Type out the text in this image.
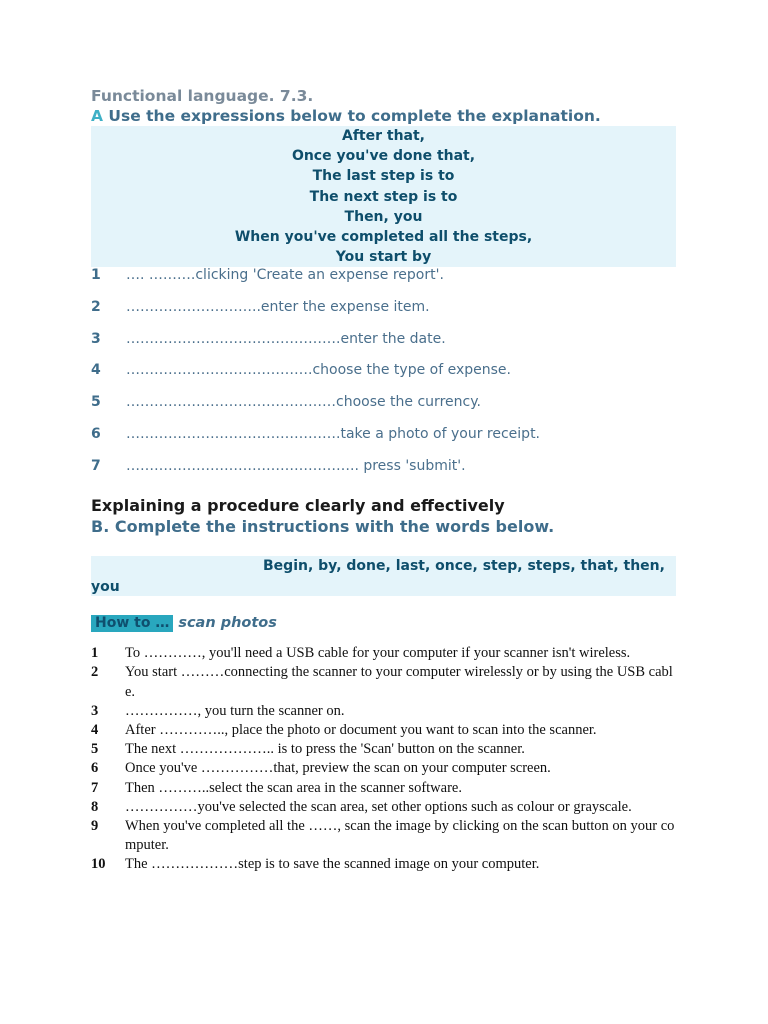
Functional language. 7.3.

A Use the expressions below to complete the explanation.

After that,
Once you've done that,
The last step is to
The next step is to
Then, you
When you've completed all the steps,
You start by
1	…. ……….clicking 'Create an expense report'.
2	………………………..enter the expense item.
3	……………………………………….enter the date.
4	………………………………….choose the type of expense.
5	………………………………………choose the currency.
6	……………………………………….take a photo of your receipt.
7	………………………………………….. press 'submit'.

Explaining a procedure clearly and effectively

B. Complete the instructions with the words below.

Begin, by, done, last, once, step, steps, that, then, you
How to … scan photos
1	To …………, you'll need a USB cable for your computer if your scanner isn't wireless.
2	You start ………connecting the scanner to your computer wirelessly or by using the USB cable.
3	……………, you turn the scanner on.
4	After ………….., place the photo or document you want to scan into the scanner.
5	The next ……………….. is to press the 'Scan' button on the scanner.
6	Once you've ……………that, preview the scan on your computer screen.
7	Then ………..select the scan area in the scanner software.
8	……………you've selected the scan area, set other options such as colour or grayscale.
9	When you've completed all the ……, scan the image by clicking on the scan button on your computer.
10	The ………………step is to save the scanned image on your computer.
